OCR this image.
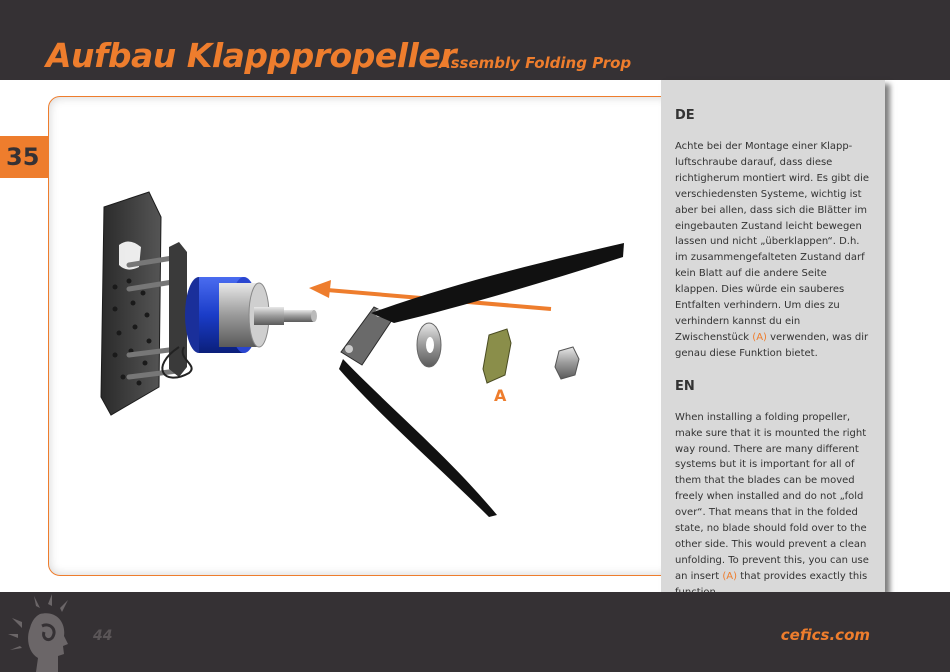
Aufbau Klapppropeller
Assembly Folding Prop
35
A
DE

Achte bei der Montage einer Klapp-luftschraube darauf, dass diese richtigherum montiert wird. Es gibt die verschiedensten Systeme, wichtig ist aber bei allen, dass sich die Blätter im eingebauten Zustand leicht bewegen lassen und nicht „überklappen“. D.h. im zusammengefalteten Zustand darf kein Blatt auf die andere Seite klappen. Dies würde ein sauberes Entfalten verhindern. Um dies zu verhindern kannst du ein Zwischenstück (A) verwenden, was dir genau diese Funktion bietet.

EN

When installing a folding propeller, make sure that it is mounted the right way round. There are many different systems but it is important for all of them that the blades can be moved freely when installed and do not „fold over“. That means that in the folded state, no blade should fold over to the other side. This would prevent a clean unfolding. To prevent this, you can use an insert (A) that provides exactly this

44	cefics.com
